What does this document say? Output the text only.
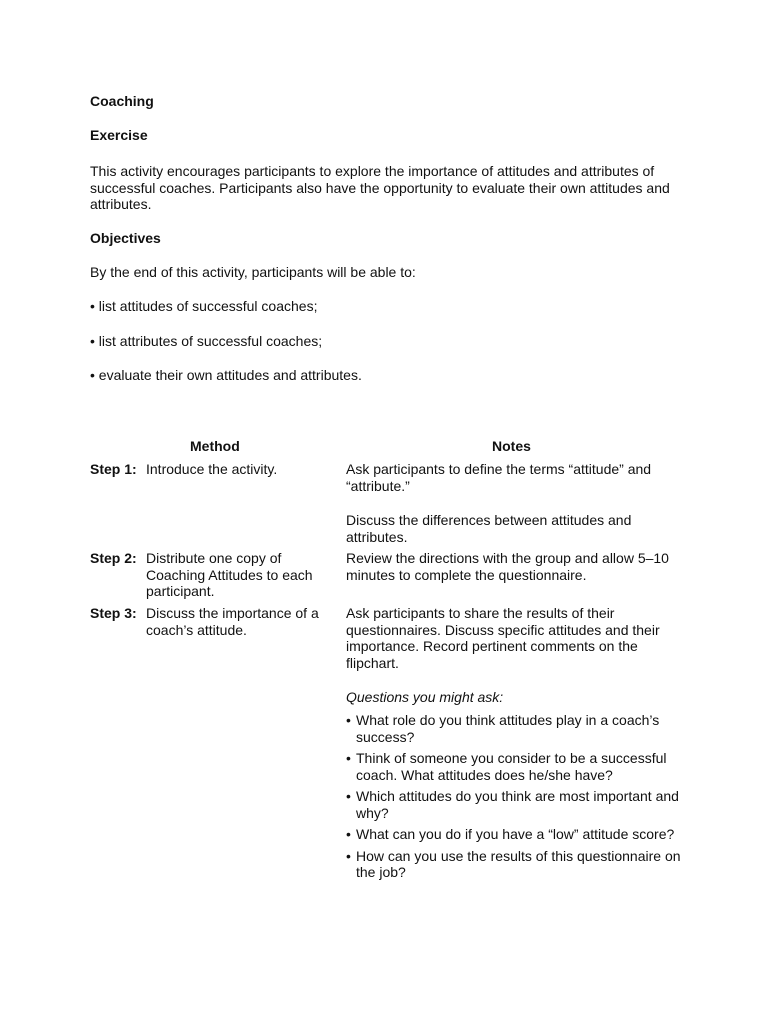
Coaching
Exercise

This activity encourages participants to explore the importance of attitudes and attributes of successful coaches. Participants also have the opportunity to evaluate their own attitudes and attributes.

Objectives
By the end of this activity, participants will be able to:
• list attitudes of successful coaches;
• list attributes of successful coaches;
• evaluate their own attitudes and attributes.
Method	Notes
Step 1: Introduce the activity.	Ask participants to define the terms “attitude” and “attribute.”
Discuss the differences between attitudes and attributes.
Step 2: Distribute one copy of Coaching Attitudes to each participant.
Review the directions with the group and allow 5–10 minutes to complete the questionnaire.
Step 3: Discuss the importance of a coach’s attitude.
Ask participants to share the results of their questionnaires. Discuss specific attitudes and their importance. Record pertinent comments on the flipchart.
Questions you might ask:
• What role do you think attitudes play in a coach’s success?
• Think of someone you consider to be a successful coach. What attitudes does he/she have?
• Which attitudes do you think are most important and why?
• What can you do if you have a “low” attitude score?
• How can you use the results of this questionnaire on the job?
